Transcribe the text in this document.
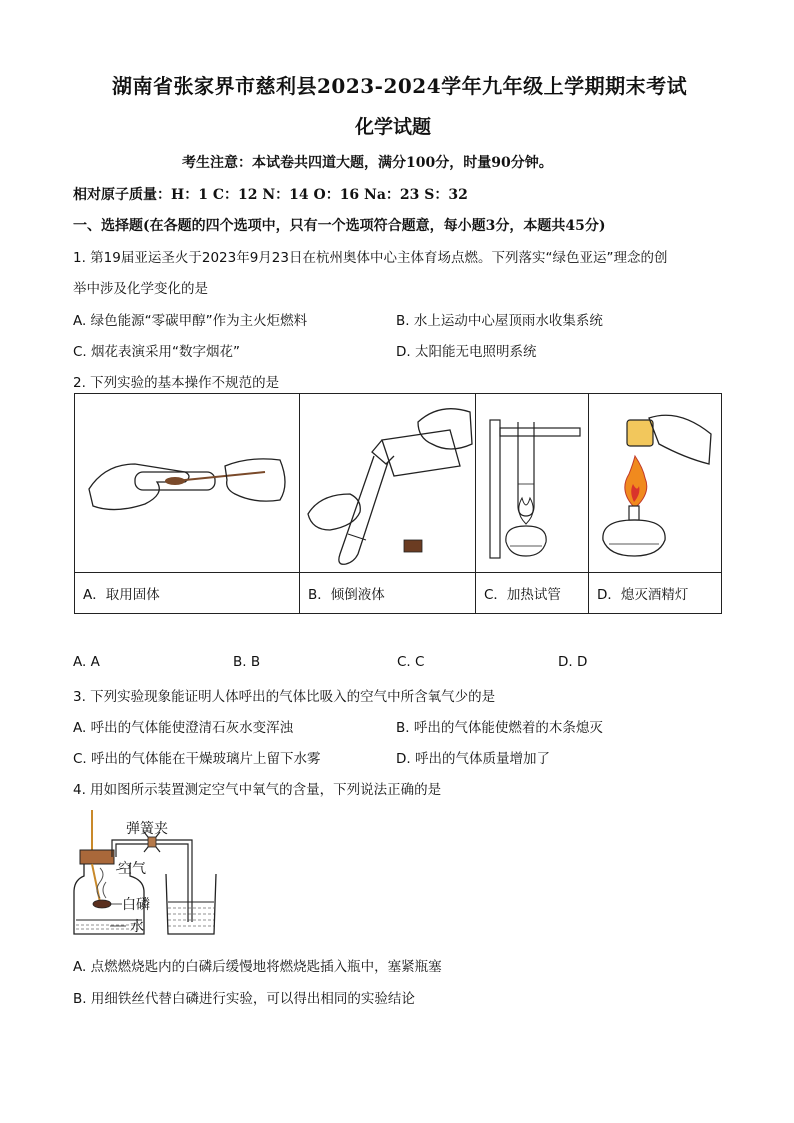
湖南省张家界市慈利县2023-2024学年九年级上学期期末考试
化学试题
考生注意：本试卷共四道大题，满分100分，时量90分钟。
相对原子质量：H：1 C：12 N：14 O：16 Na：23 S：32
一、选择题(在各题的四个选项中，只有一个选项符合题意，每小题3分，本题共45分)
1. 第19届亚运圣火于2023年9月23日在杭州奥体中心主体育场点燃。下列落实“绿色亚运”理念的创
举中涉及化学变化的是
A. 绿色能源“零碳甲醇”作为主火炬燃料	B. 水上运动中心屋顶雨水收集系统
C. 烟花表演采用“数字烟花”	D. 太阳能无电照明系统
2. 下列实验的基本操作不规范的是

A．取用固体	B．倾倒液体	C．加热试管	D．熄灭酒精灯
A. A	B. B	C. C	D. D
3. 下列实验现象能证明人体呼出的气体比吸入的空气中所含氧气少的是
A. 呼出的气体能使澄清石灰水变浑浊	B. 呼出的气体能使燃着的木条熄灭
C. 呼出的气体能在干燥玻璃片上留下水雾	D. 呼出的气体质量增加了
4. 用如图所示装置测定空气中氧气的含量，下列说法正确的是
弹簧夹
空气
白磷
水
A. 点燃燃烧匙内的白磷后缓慢地将燃烧匙插入瓶中，塞紧瓶塞
B. 用细铁丝代替白磷进行实验，可以得出相同的实验结论
